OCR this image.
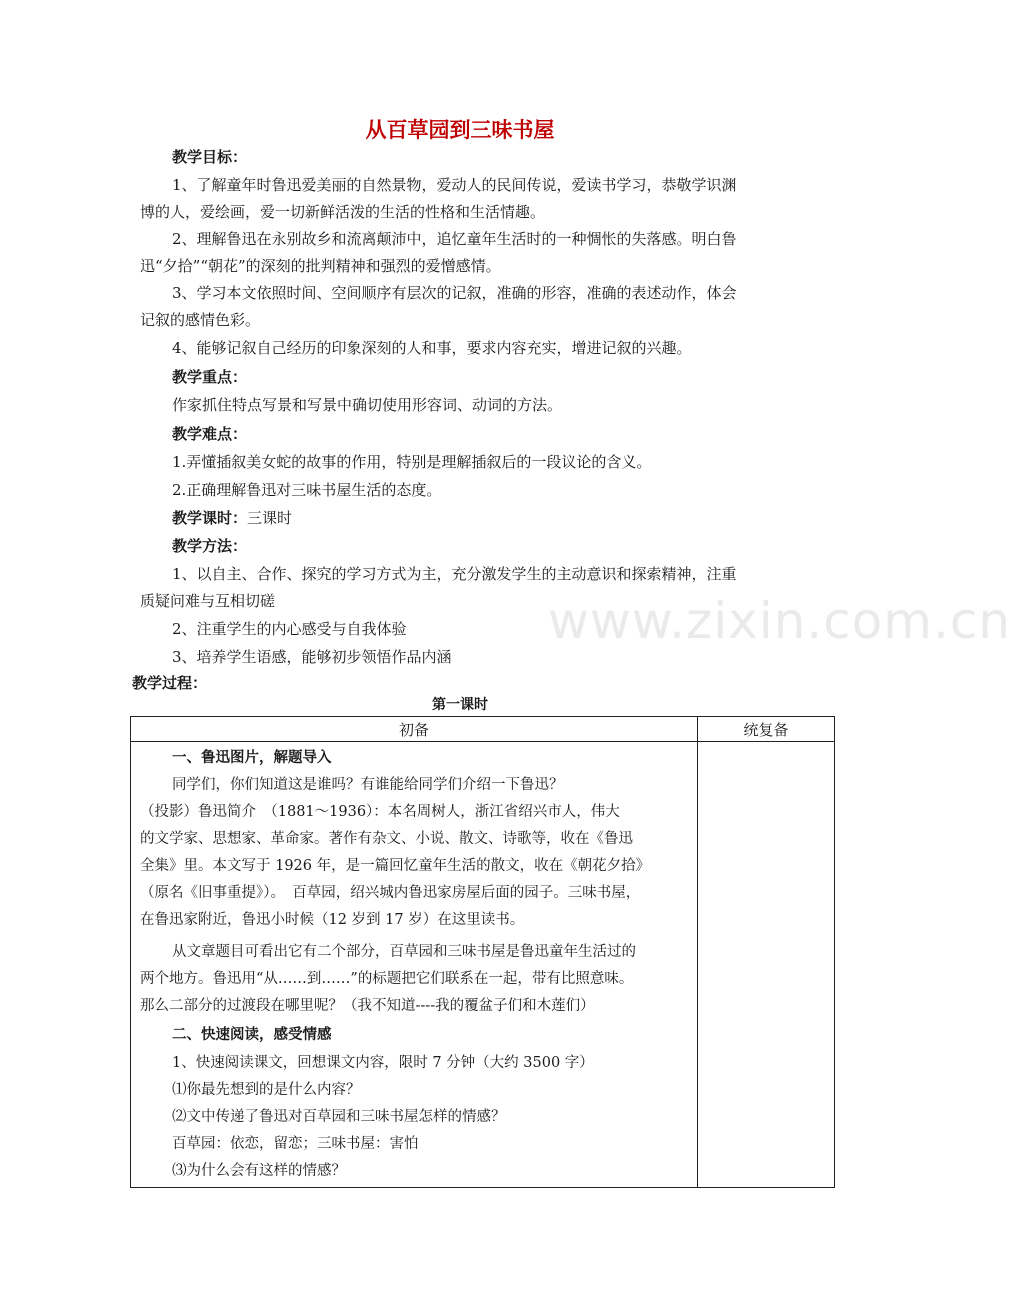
从百草园到三味书屋
www.zixin.com.cn
教学目标：
1、了解童年时鲁迅爱美丽的自然景物，爱动人的民间传说，爱读书学习，恭敬学识渊
博的人，爱绘画，爱一切新鲜活泼的生活的性格和生活情趣。
2、理解鲁迅在永别故乡和流离颠沛中，追忆童年生活时的一种惆怅的失落感。明白鲁
迅“夕拾”“朝花”的深刻的批判精神和强烈的爱憎感情。
3、学习本文依照时间、空间顺序有层次的记叙，准确的形容，准确的表述动作，体会
记叙的感情色彩。
4、能够记叙自己经历的印象深刻的人和事，要求内容充实，增进记叙的兴趣。
教学重点：
作家抓住特点写景和写景中确切使用形容词、动词的方法。
教学难点：
1.弄懂插叙美女蛇的故事的作用，特别是理解插叙后的一段议论的含义。
2.正确理解鲁迅对三味书屋生活的态度。
教学课时：三课时
教学方法：
1、以自主、合作、探究的学习方式为主，充分激发学生的主动意识和探索精神，注重
质疑问难与互相切磋
2、注重学生的内心感受与自我体验
3、培养学生语感，能够初步领悟作品内涵
教学过程：
第一课时
初备	统复备

一、鲁迅图片，解题导入
同学们，你们知道这是谁吗？有谁能给同学们介绍一下鲁迅？
（投影）鲁迅简介　（1881～1936）：本名周树人，浙江省绍兴市人，伟大
的文学家、思想家、革命家。著作有杂文、小说、散文、诗歌等，收在《鲁迅
全集》里。本文写于 1926 年，是一篇回忆童年生活的散文，收在《朝花夕拾》
（原名《旧事重提》）。　百草园，绍兴城内鲁迅家房屋后面的园子。三味书屋，
在鲁迅家附近，鲁迅小时候（12 岁到 17 岁）在这里读书。
从文章题目可看出它有二个部分，百草园和三味书屋是鲁迅童年生活过的
两个地方。鲁迅用“从……到……”的标题把它们联系在一起，带有比照意味。
那么二部分的过渡段在哪里呢？（我不知道----我的覆盆子们和木莲们）
二、快速阅读，感受情感
1、快速阅读课文，回想课文内容，限时 7 分钟（大约 3500 字）
⑴你最先想到的是什么内容？
⑵文中传递了鲁迅对百草园和三味书屋怎样的情感？
百草园：依恋，留恋；三味书屋：害怕
⑶为什么会有这样的情感？
